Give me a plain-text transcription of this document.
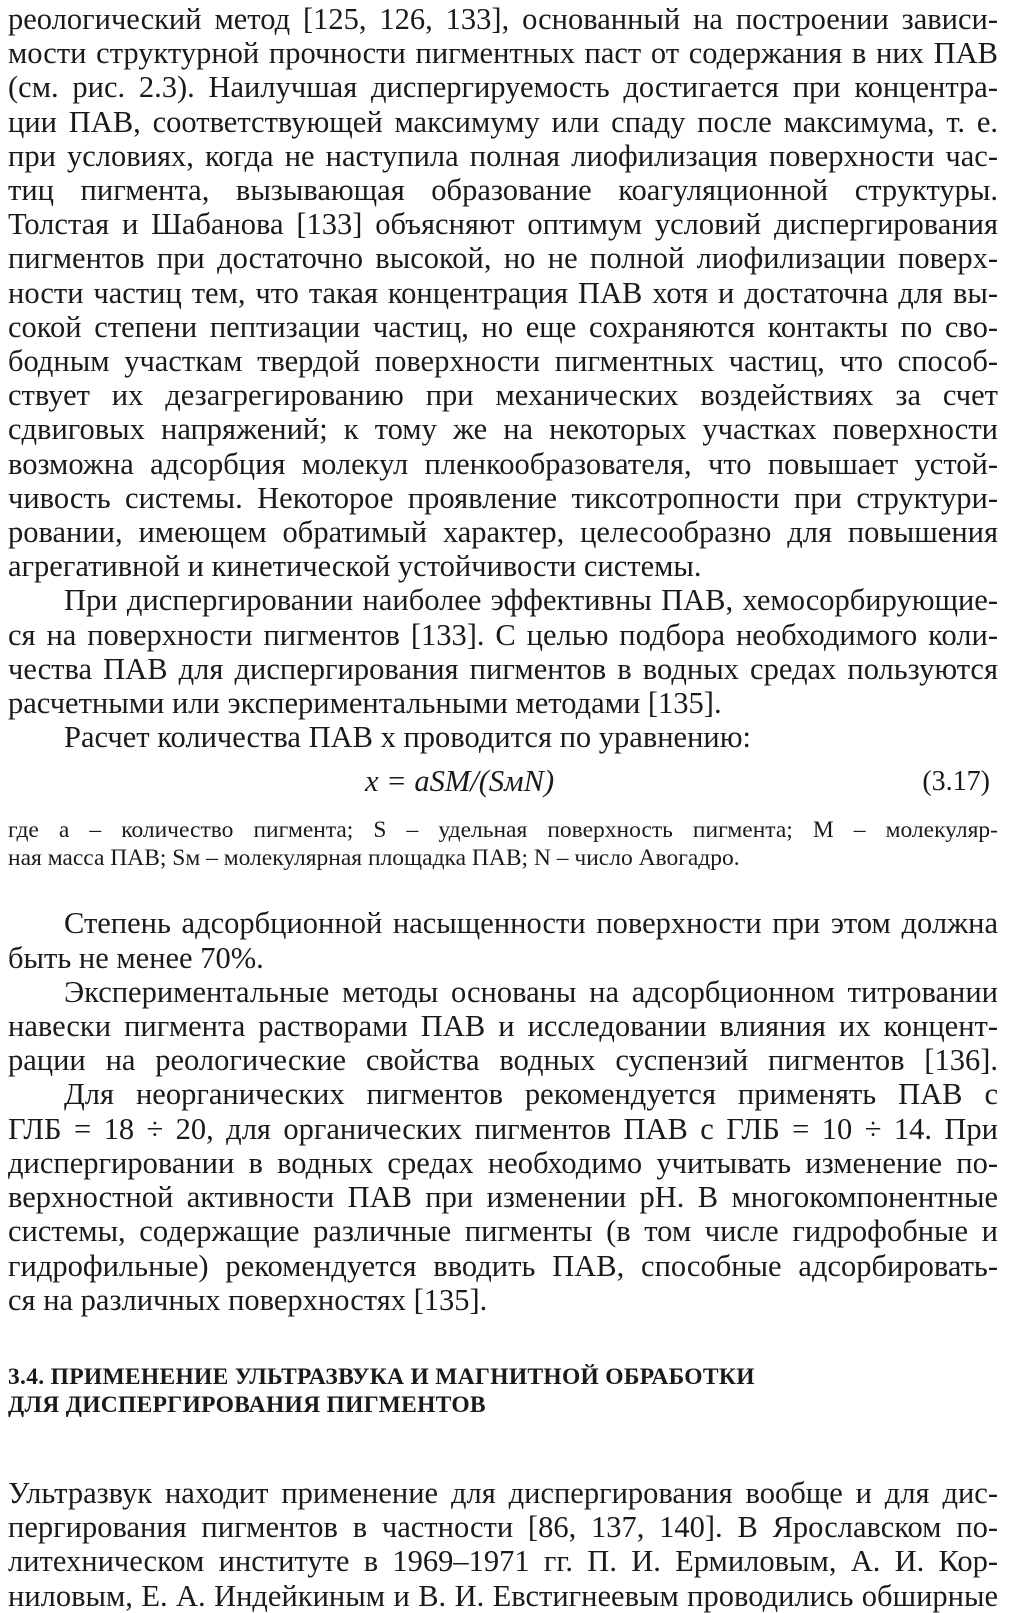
реологический метод [125, 126, 133], основанный на построении зависи-
мости структурной прочности пигментных паст от содержания в них ПАВ
(см. рис. 2.3). Наилучшая диспергируемость достигается при концентра-
ции ПАВ, соответствующей максимуму или спаду после максимума, т. е.
при условиях, когда не наступила полная лиофилизация поверхности час-
тиц пигмента, вызывающая образование коагуляционной структуры.
Толстая и Шабанова [133] объясняют оптимум условий диспергирования
пигментов при достаточно высокой, но не полной лиофилизации поверх-
ности частиц тем, что такая концентрация ПАВ хотя и достаточна для вы-
сокой степени пептизации частиц, но еще сохраняются контакты по сво-
бодным участкам твердой поверхности пигментных частиц, что способ-
ствует их дезагрегированию при механических воздействиях за счет
сдвиговых напряжений; к тому же на некоторых участках поверхности
возможна адсорбция молекул пленкообразователя, что повышает устой-
чивость системы. Некоторое проявление тиксотропности при структури-
ровании, имеющем обратимый характер, целесообразно для повышения
агрегативной и кинетической устойчивости системы.
При диспергировании наиболее эффективны ПАВ, хемосорбирующие-
ся на поверхности пигментов [133]. С целью подбора необходимого коли-
чества ПАВ для диспергирования пигментов в водных средах пользуются
расчетными или экспериментальными методами [135].
Расчет количества ПАВ x проводится по уравнению:
x = aSM/(SмN)	(3.17)
где a – количество пигмента; S – удельная поверхность пигмента; M – молекуляр-
ная масса ПАВ; Sм – молекулярная площадка ПАВ; N – число Авогадро.
Степень адсорбционной насыщенности поверхности при этом должна
быть не менее 70%.
Экспериментальные методы основаны на адсорбционном титровании
навески пигмента растворами ПАВ и исследовании влияния их концент-
рации на реологические свойства водных суспензий пигментов [136].
Для неорганических пигментов рекомендуется применять ПАВ с
ГЛБ = 18 ÷ 20, для органических пигментов ПАВ с ГЛБ = 10 ÷ 14. При
диспергировании в водных средах необходимо учитывать изменение по-
верхностной активности ПАВ при изменении рН. В многокомпонентные
системы, содержащие различные пигменты (в том числе гидрофобные и
гидрофильные) рекомендуется вводить ПАВ, способные адсорбировать-
ся на различных поверхностях [135].
3.4. ПРИМЕНЕНИЕ УЛЬТРАЗВУКА И МАГНИТНОЙ ОБРАБОТКИ
ДЛЯ ДИСПЕРГИРОВАНИЯ ПИГМЕНТОВ
Ультразвук находит применение для диспергирования вообще и для дис-
пергирования пигментов в частности [86, 137, 140]. В Ярославском по-
литехническом институте в 1969–1971 гг. П. И. Ермиловым, А. И. Кор-
ниловым, Е. А. Индейкиным и В. И. Евстигнеевым проводились обширные
